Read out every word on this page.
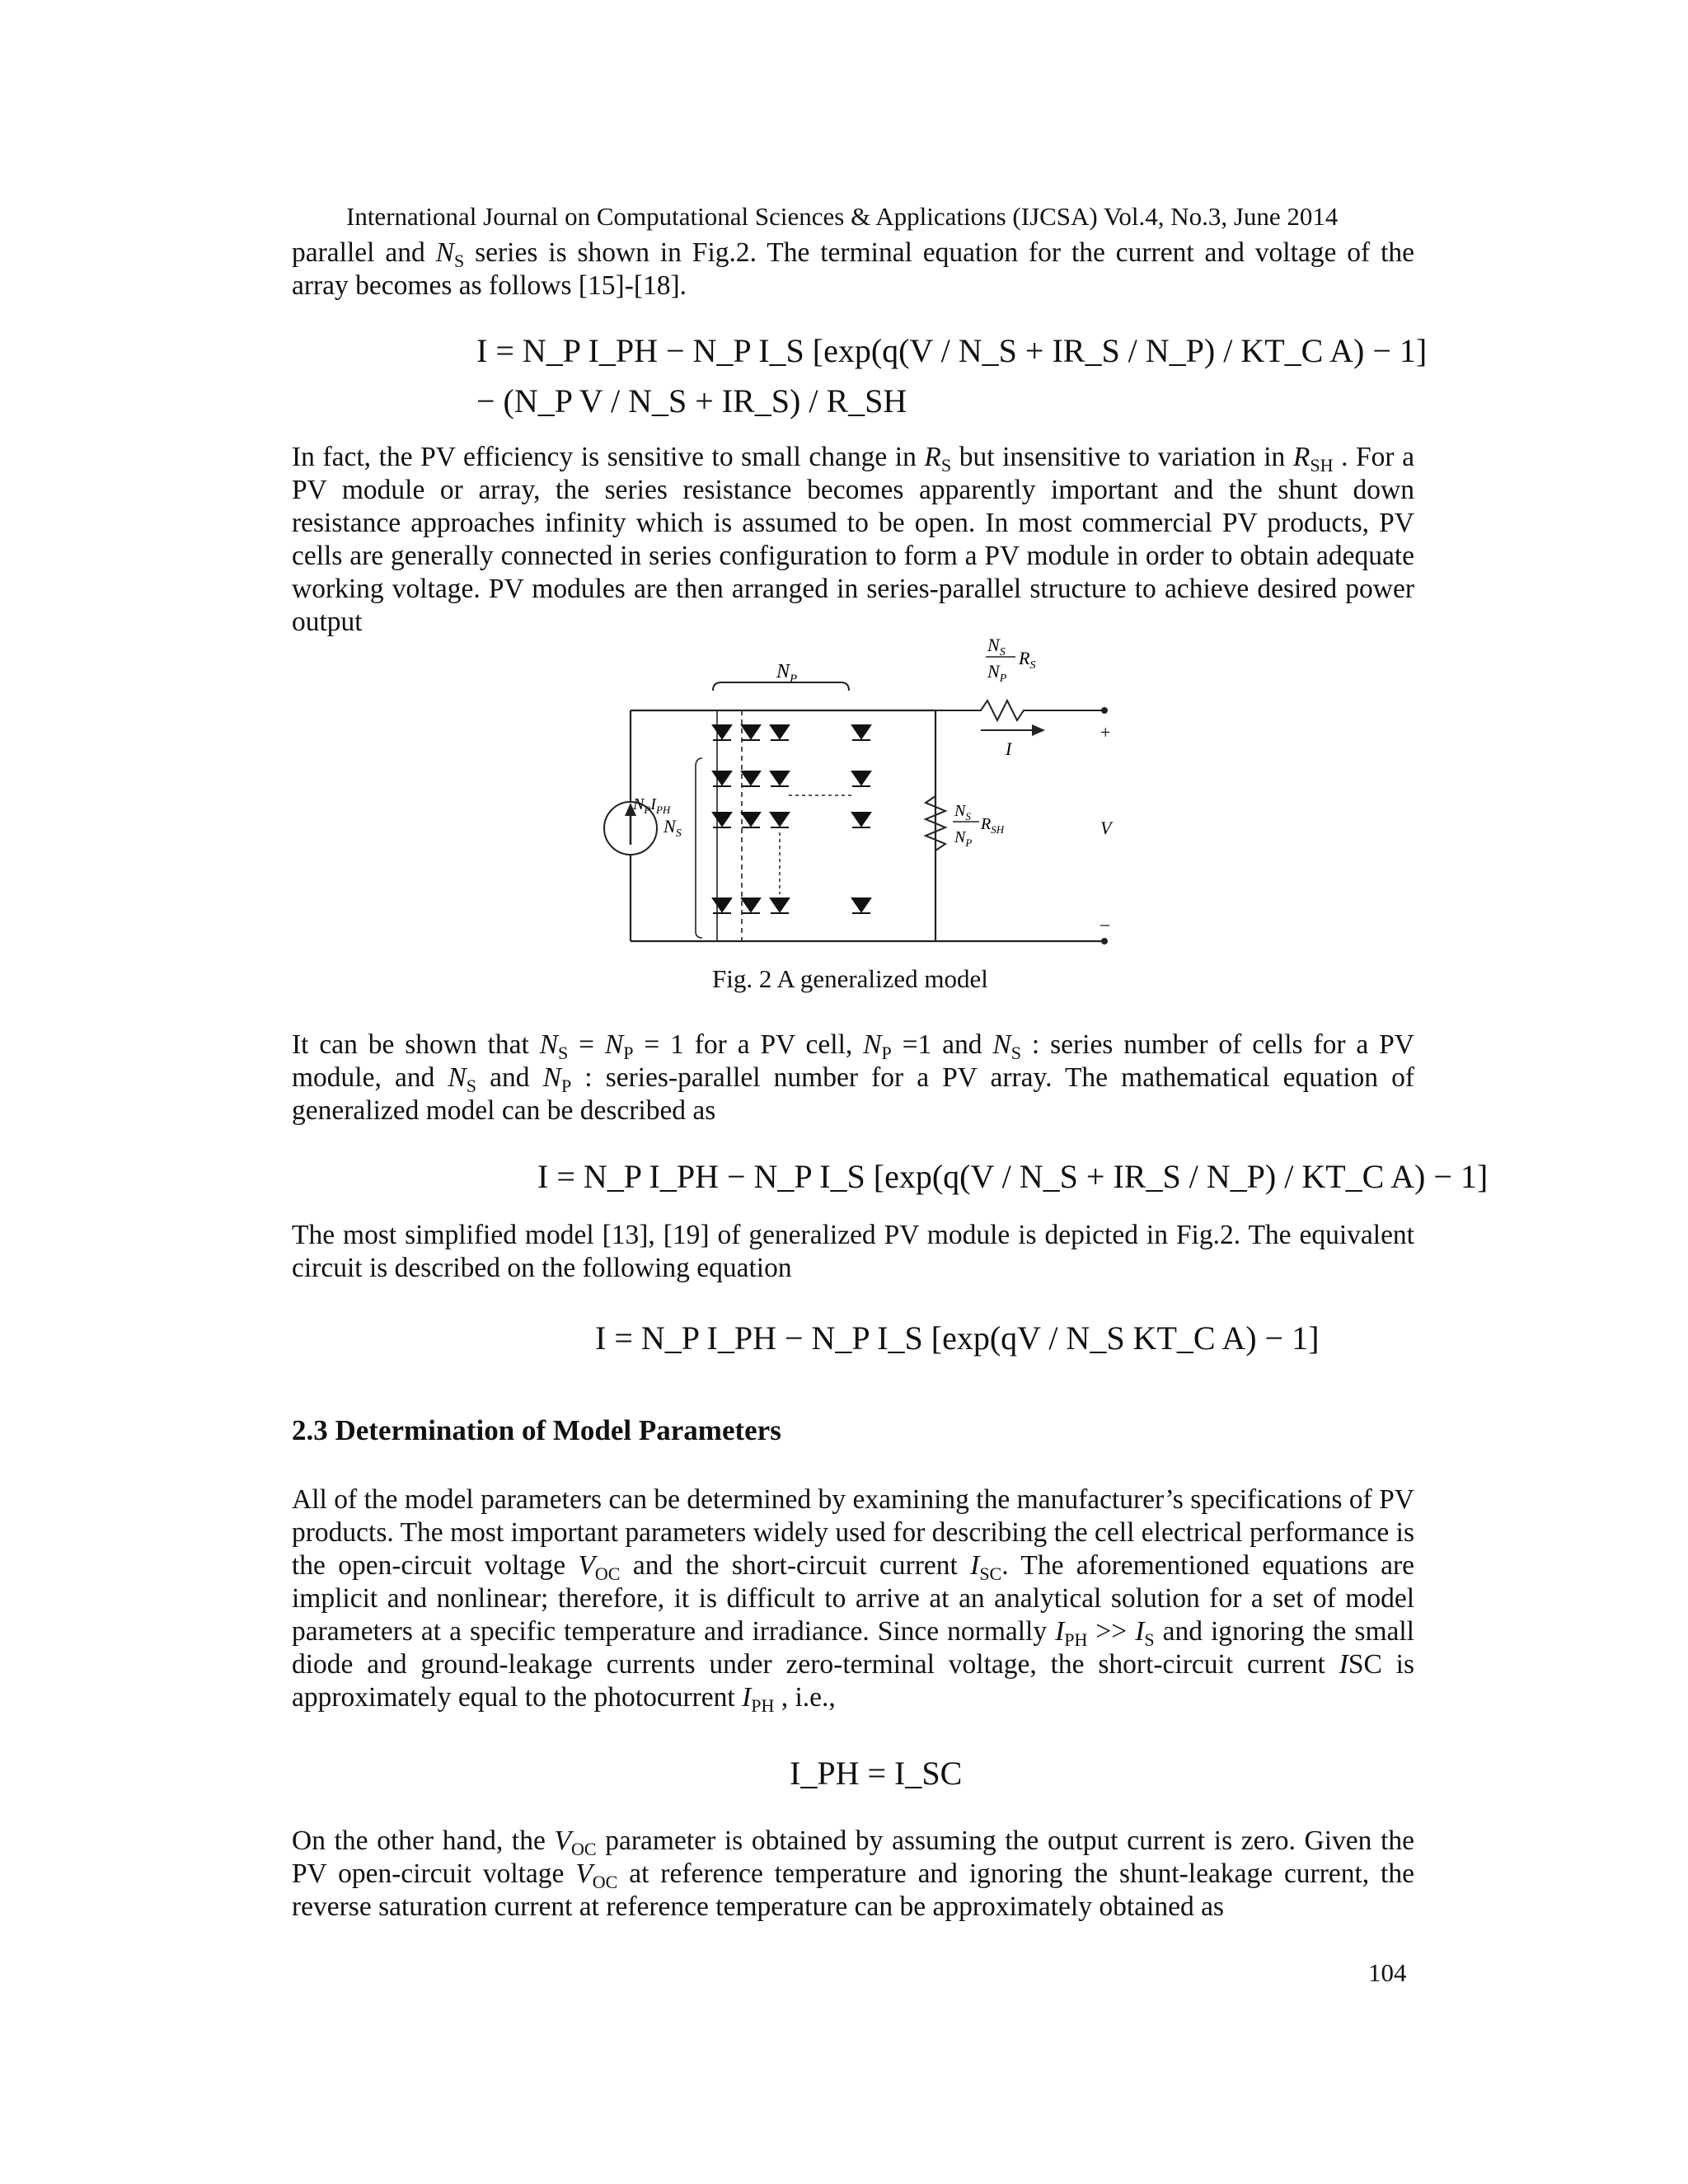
International Journal on Computational Sciences & Applications (IJCSA) Vol.4, No.3, June 2014

parallel and $N_S$ series is shown in Fig.2. The terminal equation for the current and voltage of the array becomes as follows [15]-[18].

I = N_P I_PH − N_P I_S [exp(q(V / N_S + IR_S / N_P) / KT_C A) − 1]
− (N_P V / N_S + IR_S) / R_SH

In fact, the PV efficiency is sensitive to small change in $R_S$ but insensitive to variation in $R_{SH}$ . For a PV module or array, the series resistance becomes apparently important and the shunt down resistance approaches infinity which is assumed to be open. In most commercial PV products, PV cells are generally connected in series configuration to form a PV module in order to obtain adequate working voltage. PV modules are then arranged in series-parallel structure to achieve desired power output

$N_P$
$N_PI_{PH}$
$N_S$
$N_S$
$N_P$
$R_S$
+
I
$N_S$
$N_P$
$R_{SH}$	V
–
Fig. 2 A generalized model

It can be shown that $N_S = N_P = 1$ for a PV cell, $N_P =1$ and $N_S$ : series number of cells for a PV module, and $N_S$ and $N_P$ : series-parallel number for a PV array. The mathematical equation of generalized model can be described as

I = N_P I_PH − N_P I_S [exp(q(V / N_S + IR_S / N_P) / KT_C A) − 1]

The most simplified model [13], [19] of generalized PV module is depicted in Fig.2. The equivalent circuit is described on the following equation

I = N_P I_PH − N_P I_S [exp(qV / N_S KT_C A) − 1]
2.3 Determination of Model Parameters

All of the model parameters can be determined by examining the manufacturer’s specifications of PV products. The most important parameters widely used for describing the cell electrical performance is the open-circuit voltage $V_{OC}$ and the short-circuit current $I_{SC}$. The aforementioned equations are implicit and nonlinear; therefore, it is difficult to arrive at an analytical solution for a set of model parameters at a specific temperature and irradiance. Since normally $I_{PH} >> I_S$ and ignoring the small diode and ground-leakage currents under zero-terminal voltage, the short-circuit current ISC is approximately equal to the photocurrent $I_{PH}$ , i.e.,

I_PH = I_SC

On the other hand, the $V_{OC}$ parameter is obtained by assuming the output current is zero. Given the PV open-circuit voltage $V_{OC}$ at reference temperature and ignoring the shunt-leakage current, the reverse saturation current at reference temperature can be approximately obtained as

104
